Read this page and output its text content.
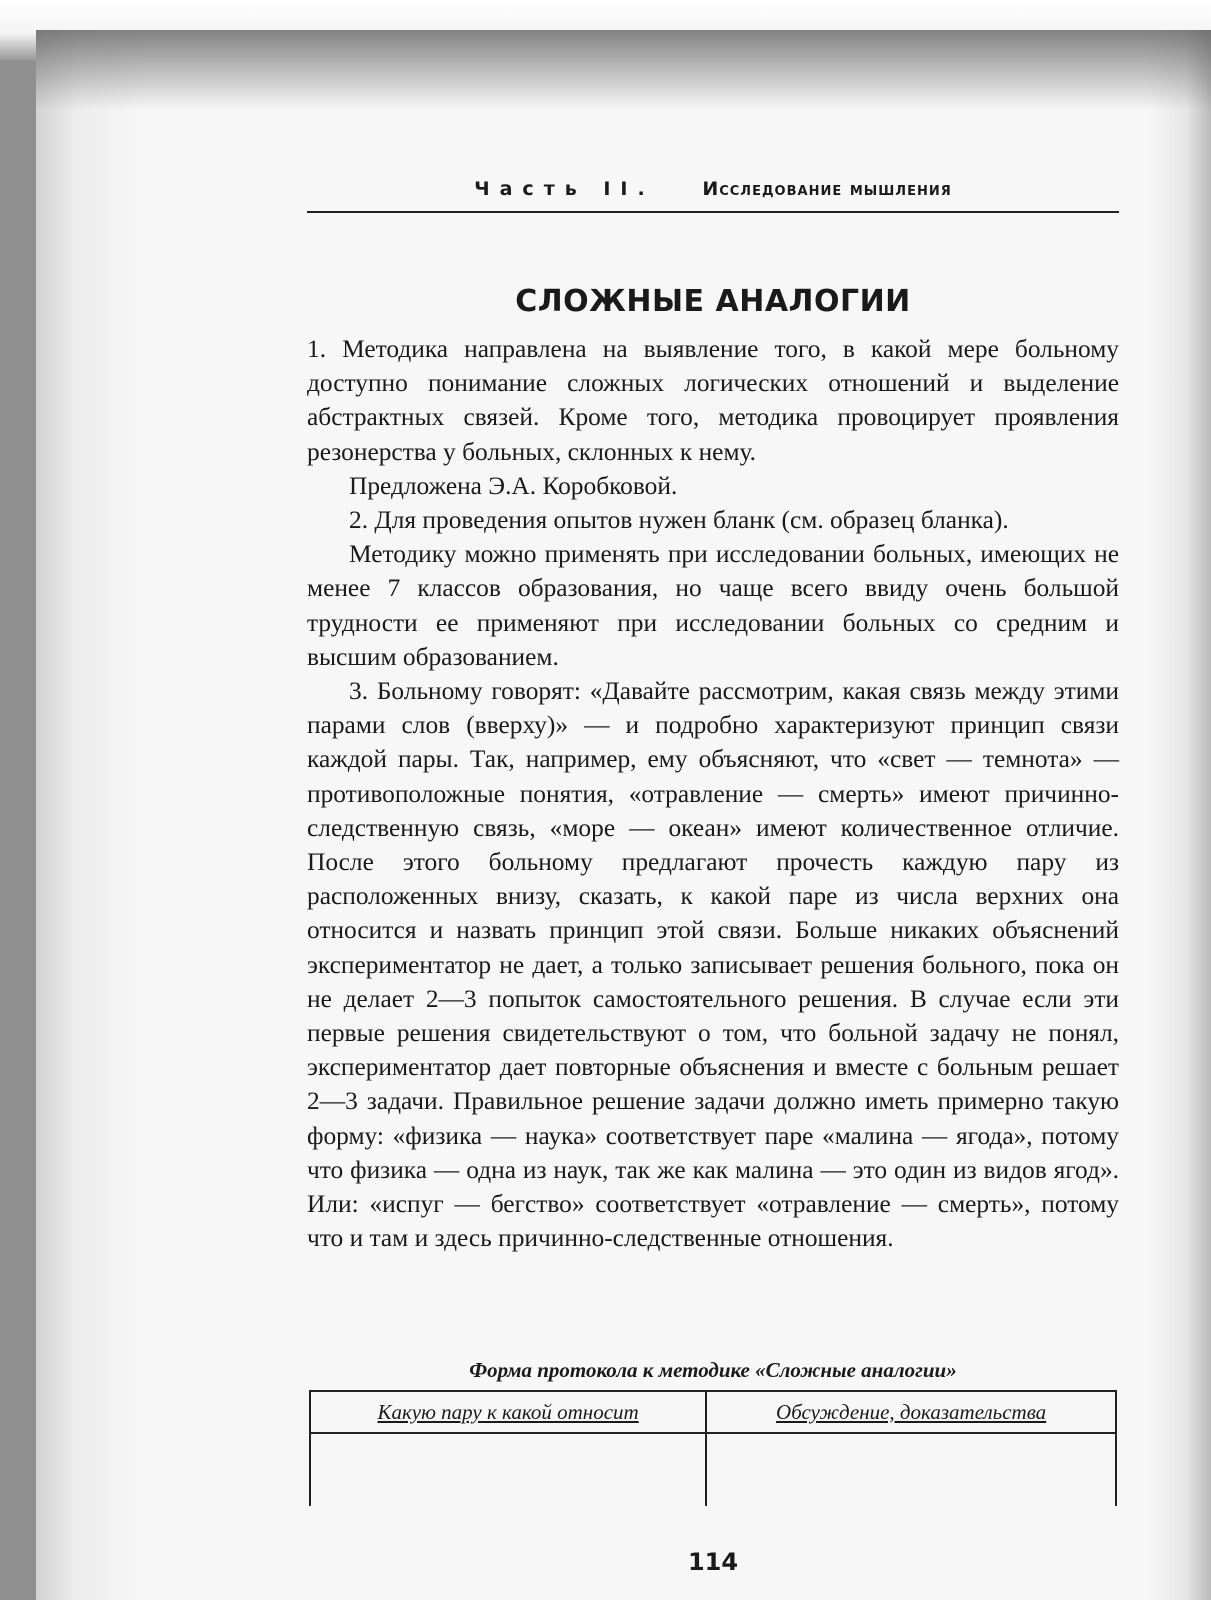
Часть II.	Исследование мышления
СЛОЖНЫЕ АНАЛОГИИ

1. Методика направлена на выявление того, в какой мере больному доступно понимание сложных логических отношений и выделение абстрактных связей. Кроме того, методика провоцирует проявления резонерства у больных, склонных к нему.

Предложена Э.А. Коробковой.

2. Для проведения опытов нужен бланк (см. образец бланка).

Методику можно применять при исследовании больных, имеющих не менее 7 классов образования, но чаще всего ввиду очень большой трудности ее применяют при исследовании больных со средним и высшим образованием.

3. Больному говорят: «Давайте рассмотрим, какая связь между этими парами слов (вверху)» — и подробно характеризуют принцип связи каждой пары. Так, например, ему объясняют, что «свет — темнота» — противоположные понятия, «отравление — смерть» имеют причинно-следственную связь, «море — океан» имеют количественное отличие. После этого больному предлагают прочесть каждую пару из расположенных внизу, сказать, к какой паре из числа верхних она относится и назвать принцип этой связи. Больше никаких объяснений экспериментатор не дает, а только записывает решения больного, пока он не делает 2—3 попыток самостоятельного решения. В случае если эти первые решения свидетельствуют о том, что больной задачу не понял, экспериментатор дает повторные объяснения и вместе с больным решает 2—3 задачи. Правильное решение задачи должно иметь примерно такую форму: «физика — наука» соответствует паре «малина — ягода», потому что физика — одна из наук, так же как малина — это один из видов ягод». Или: «испуг — бегство» соответствует «отравление — смерть», потому что и там и здесь причинно-следственные отношения.

Форма протокола к методике «Сложные аналогии»
Какую пару к какой относит	Обсуждение, доказательства

114
